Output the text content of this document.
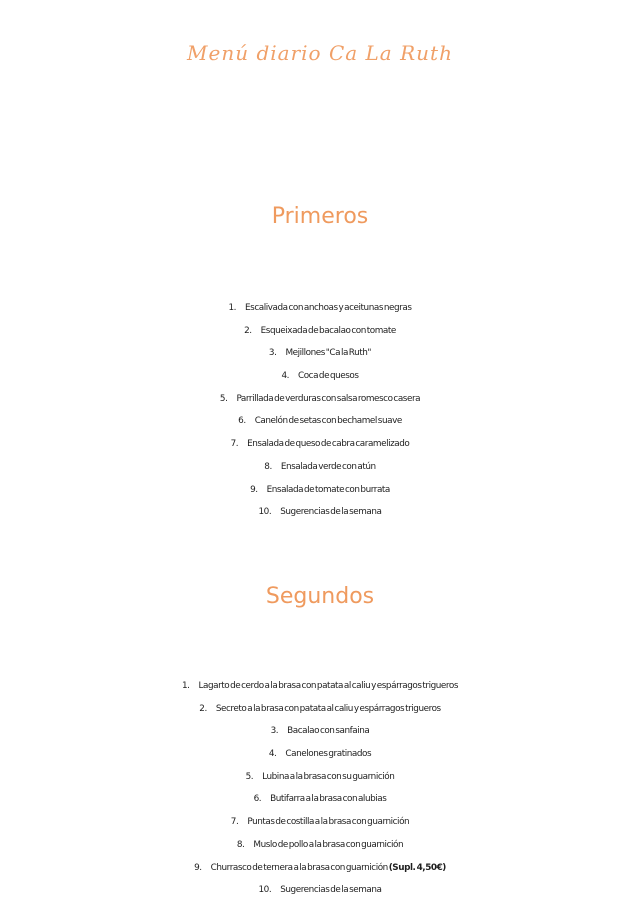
Menú diario Ca La Ruth
Primeros
1. Escalivada con anchoas y aceitunas negras
2. Esqueixada de bacalao con tomate
3. Mejillones "Ca la Ruth"
4. Coca de quesos
5. Parrillada de verduras con salsa romesco casera
6. Canelón de setas con bechamel suave
7. Ensalada de queso de cabra caramelizado
8. Ensalada verde con atún
9. Ensalada de tomate con burrata
10. Sugerencias de la semana
Segundos
1. Lagarto de cerdo a la brasa con patata al caliu y espárragos trigueros
2. Secreto a la brasa con patata al caliu y espárragos trigueros
3. Bacalao con sanfaina
4. Canelones gratinados
5. Lubina a la brasa con su guarnición
6. Butifarra a la brasa con alubias
7. Puntas de costilla a la brasa con guarnición
8. Muslo de pollo a la brasa con guarnición
9. Churrasco de ternera a la brasa con guarnición (Supl. 4,50€)
10. Sugerencias de la semana
